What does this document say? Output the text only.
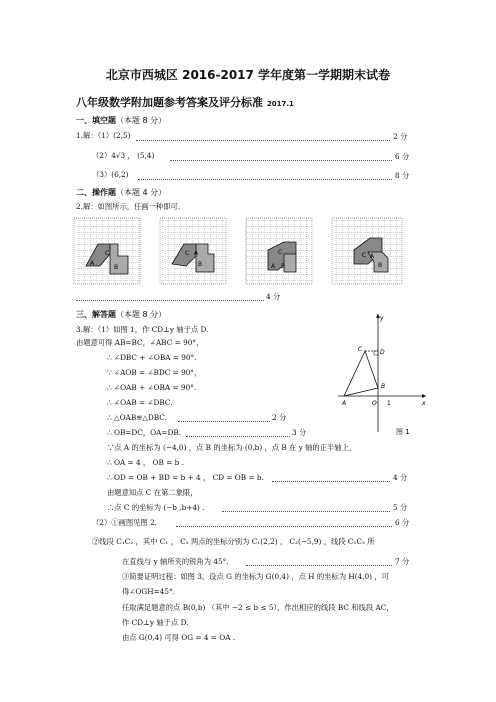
北京市西城区 2016-2017 学年度第一学期期末试卷
八年级数学附加题参考答案及评分标准 2017.1
一、填空题（本题 8 分）
1.解：（1）(2,5)	2 分
（2）4√3 ， (5,4)	6 分
（3）(6,2)	8 分
二、操作题（本题 4 分）
2.解：如图所示，任画一种即可.
C
A
B
C A
B
C
A B
C A
B
4 分
三、解答题（本题 8 分）
3.解：（1）如图 1，作 CD⊥y 轴于点 D.
由题意可得 AB=BC，∠ABC = 90°，
∴ ∠DBC + ∠OBA = 90°.
∵ ∠AOB = ∠BDC = 90°，
∴ ∠OAB + ∠OBA = 90°.
∴ ∠OAB = ∠DBC.
∴ △OAB≌△DBC.	2 分
∴ OB=DC，OA=DB.	3 分
∵点 A 的坐标为 (−4,0) ，点 B 的坐标为 (0,b) ，点 B 在 y 轴的正半轴上，
∴ OA = 4 ， OB = b .
∴ OD = OB + BD = b + 4 ， CD = OB = b.	4 分
由题意知点 C 在第二象限，
∴点 C 的坐标为 (−b ,b+4) .	5 分
（2）①画图见图 2.	6 分
②线段 C₁C₂ ，其中 C₁ ， C₂ 两点的坐标分别为 C₁(2,2) ， C₂(−5,9) ，线段 C₁C₂ 所
在直线与 y 轴所夹的锐角为 45°.	7 分
③简要证明过程：如图 3，设点 G 的坐标为 G(0,4) ，点 H 的坐标为 H(4,0) ，可
得∠OGH=45°.
任取满足题意的点 B(0,b) （其中 −2 ≤ b ≤ 5），作出相应的线段 BC 和线段 AC，
作 CD⊥y 轴于点 D.
由点 G(0,4) 可得 OG = 4 = OA .
y
x
C	D
B
A	O 1
图 1
